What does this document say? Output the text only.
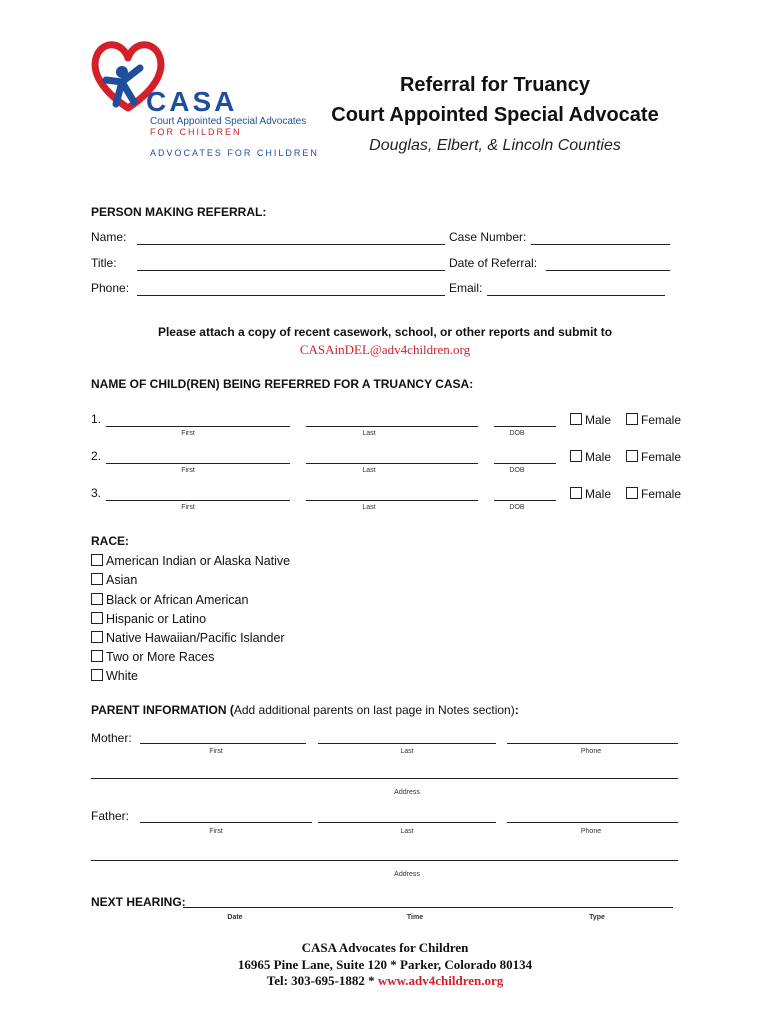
CASA
Court Appointed Special Advocates
FOR CHILDREN
ADVOCATES FOR CHILDREN
Referral for Truancy
Court Appointed Special Advocate
Douglas, Elbert, & Lincoln Counties
PERSON MAKING REFERRAL:
Name:	Case Number:
Title:	Date of Referral:
Phone:	Email:
Please attach a copy of recent casework, school, or other reports and submit to
CASAinDEL@adv4children.org
NAME OF CHILD(REN) BEING REFERRED FOR A TRUANCY CASA:
1.
First	Last	DOB
Male	Female
2.
First	Last	DOB
Male	Female
3.
First	Last	DOB
Male	Female
RACE:
American Indian or Alaska Native
Asian
Black or African American
Hispanic or Latino
Native Hawaiian/Pacific Islander
Two or More Races
White
PARENT INFORMATION (Add additional parents on last page in Notes section):
Mother:
First	Last	Phone
Address
Father:
First	Last	Phone
Address
NEXT HEARING:
Date	Time	Type
CASA Advocates for Children
16965 Pine Lane, Suite 120 * Parker, Colorado 80134
Tel: 303-695-1882 * www.adv4children.org
